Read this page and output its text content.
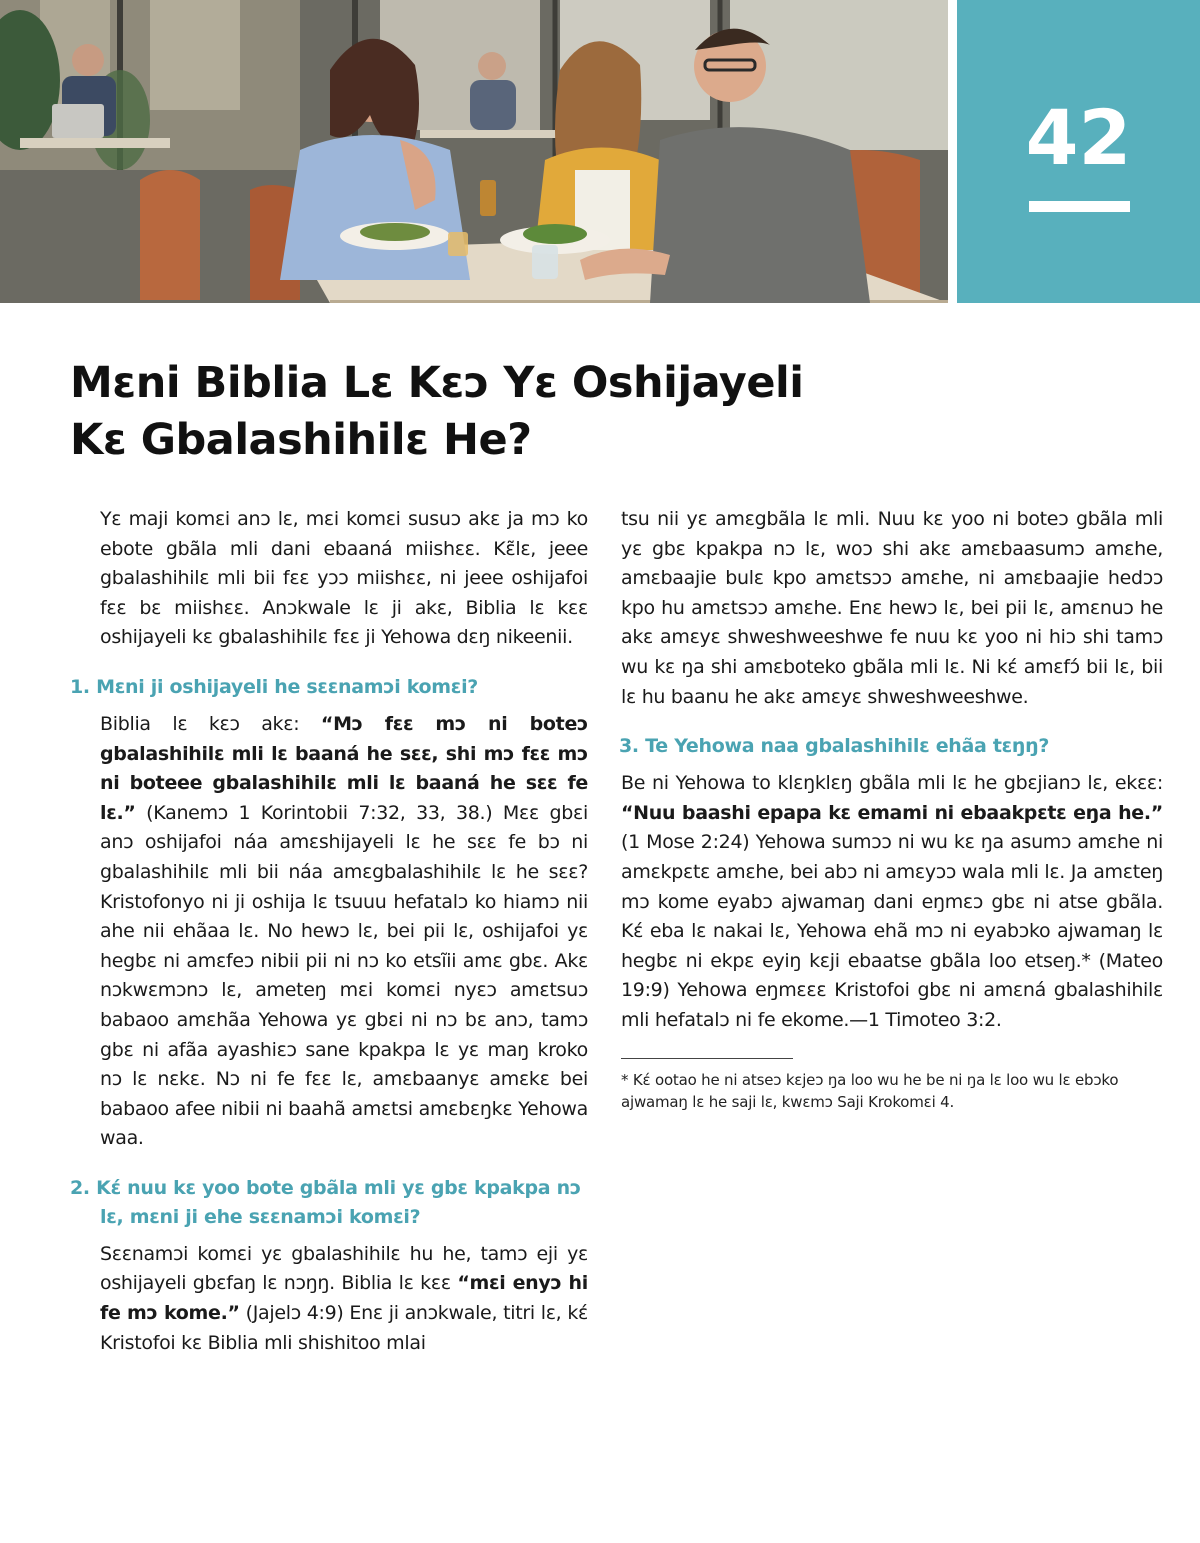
42
Mɛni Biblia Lɛ Kɛɔ Yɛ Oshijayeli
Kɛ Gbalashihilɛ He?

Yɛ maji komɛi anɔ lɛ, mɛi komɛi susuɔ akɛ ja mɔ ko ebote gbãla mli dani ebaaná miishɛɛ. Kɛ̃lɛ, jeee gbalashihilɛ mli bii fɛɛ yɔɔ miishɛɛ, ni jeee oshijafoi fɛɛ bɛ miishɛɛ. Anɔkwale lɛ ji akɛ, Biblia lɛ kɛɛ oshijayeli kɛ gbalashihilɛ fɛɛ ji Yehowa dɛŋ nikeenii.

1. Mɛni ji oshijayeli he sɛɛnamɔi komɛi?

Biblia lɛ kɛɔ akɛ: “Mɔ fɛɛ mɔ ni boteɔ gbalashihilɛ mli lɛ baaná he sɛɛ, shi mɔ fɛɛ mɔ ni boteee gbalashihilɛ mli lɛ baaná he sɛɛ fe lɛ.” (Kanemɔ 1 Korintobii 7:32, 33, 38.) Mɛɛ gbɛi anɔ oshijafoi náa amɛshijayeli lɛ he sɛɛ fe bɔ ni gbalashihilɛ mli bii náa amɛgbalashihilɛ lɛ he sɛɛ? Kristofonyo ni ji oshija lɛ tsuuu hefatalɔ ko hiamɔ nii ahe nii ehãaa lɛ. No hewɔ lɛ, bei pii lɛ, oshijafoi yɛ hegbɛ ni amɛfeɔ nibii pii ni nɔ ko etsĩii amɛ gbɛ. Akɛ nɔkwɛmɔnɔ lɛ, ameteŋ mɛi komɛi nyɛɔ amɛtsuɔ babaoo amɛhãa Yehowa yɛ gbɛi ni nɔ bɛ anɔ, tamɔ gbɛ ni afãa ayashiɛɔ sane kpakpa lɛ yɛ maŋ kroko nɔ lɛ nɛkɛ. Nɔ ni fe fɛɛ lɛ, amɛbaanyɛ amɛkɛ bei babaoo afee nibii ni baahã amɛtsi amɛbɛŋkɛ Yehowa waa.

2. Kɛ́ nuu kɛ yoo bote gbãla mli yɛ gbɛ kpakpa nɔ lɛ, mɛni ji ehe sɛɛnamɔi komɛi?

Sɛɛnamɔi komɛi yɛ gbalashihilɛ hu he, tamɔ eji yɛ oshijayeli gbɛfaŋ lɛ nɔŋŋ. Biblia lɛ kɛɛ “mɛi enyɔ hi fe mɔ kome.” (Jajelɔ 4:9) Enɛ ji anɔkwale, titri lɛ, kɛ́ Kristofoi kɛ Biblia mli shishitoo mlai

tsu nii yɛ amɛgbãla lɛ mli. Nuu kɛ yoo ni boteɔ gbãla mli yɛ gbɛ kpakpa nɔ lɛ, woɔ shi akɛ amɛbaasumɔ amɛhe, amɛbaajie bulɛ kpo amɛtsɔɔ amɛhe, ni amɛbaajie hedɔɔ kpo hu amɛtsɔɔ amɛhe. Enɛ hewɔ lɛ, bei pii lɛ, amɛnuɔ he akɛ amɛyɛ shweshweeshwe fe nuu kɛ yoo ni hiɔ shi tamɔ wu kɛ ŋa shi amɛboteko gbãla mli lɛ. Ni kɛ́ amɛfɔ́ bii lɛ, bii lɛ hu baanu he akɛ amɛyɛ shweshweeshwe.

3. Te Yehowa naa gbalashihilɛ ehãa tɛŋŋ?

Be ni Yehowa to klɛŋklɛŋ gbãla mli lɛ he gbɛjianɔ lɛ, ekɛɛ: “Nuu baashi epapa kɛ emami ni ebaakpɛtɛ eŋa he.” (1 Mose 2:24) Yehowa sumɔɔ ni wu kɛ ŋa asumɔ amɛhe ni amɛkpɛtɛ amɛhe, bei abɔ ni amɛyɔɔ wala mli lɛ. Ja amɛteŋ mɔ kome eyabɔ ajwamaŋ dani eŋmɛɔ gbɛ ni atse gbãla. Kɛ́ eba lɛ nakai lɛ, Yehowa ehã mɔ ni eyabɔko ajwamaŋ lɛ hegbɛ ni ekpɛ eyiŋ kɛji ebaatse gbãla loo etseŋ.* (Mateo 19:9) Yehowa eŋmɛɛɛ Kristofoi gbɛ ni amɛná gbalashihilɛ mli hefatalɔ ni fe ekome.—1 Timoteo 3:2.

* Kɛ́ ootao he ni atseɔ kɛjeɔ ŋa loo wu he be ni ŋa lɛ loo wu lɛ ebɔko ajwamaŋ lɛ he saji lɛ, kwɛmɔ Saji Krokomɛi 4.
